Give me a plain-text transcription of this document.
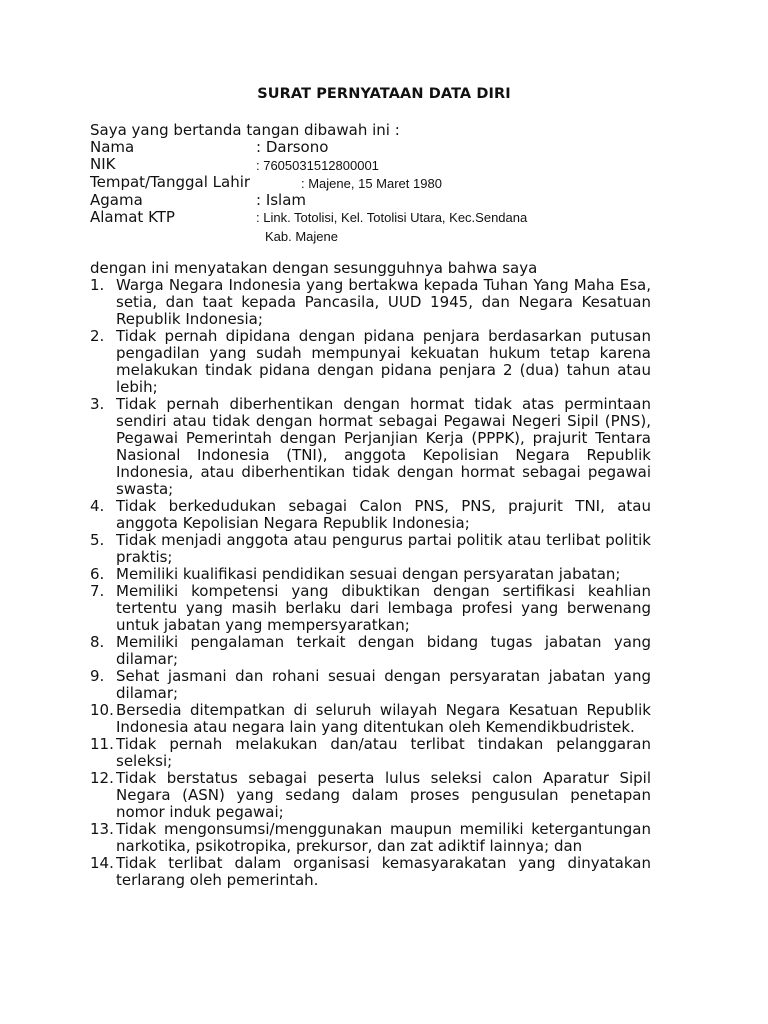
SURAT PERNYATAAN DATA DIRI
Saya yang bertanda tangan dibawah ini :
Nama	: Darsono
NIK	: 7605031512800001
Tempat/Tanggal Lahir	: Majene, 15 Maret 1980
Agama	: Islam
Alamat KTP	: Link. Totolisi, Kel. Totolisi Utara, Kec.Sendana
Kab. Majene
dengan ini menyatakan dengan sesungguhnya bahwa saya
1. Warga Negara Indonesia yang bertakwa kepada Tuhan Yang Maha Esa, setia, dan taat kepada Pancasila, UUD 1945, dan Negara Kesatuan Republik Indonesia;
2. Tidak pernah dipidana dengan pidana penjara berdasarkan putusan pengadilan yang sudah mempunyai kekuatan hukum tetap karena melakukan tindak pidana dengan pidana penjara 2 (dua) tahun atau lebih;
3. Tidak pernah diberhentikan dengan hormat tidak atas permintaan sendiri atau tidak dengan hormat sebagai Pegawai Negeri Sipil (PNS), Pegawai Pemerintah dengan Perjanjian Kerja (PPPK), prajurit Tentara Nasional Indonesia (TNI), anggota Kepolisian Negara Republik Indonesia, atau diberhentikan tidak dengan hormat sebagai pegawai swasta;
4. Tidak berkedudukan sebagai Calon PNS, PNS, prajurit TNI, atau anggota Kepolisian Negara Republik Indonesia;
5. Tidak menjadi anggota atau pengurus partai politik atau terlibat politik praktis;
6. Memiliki kualifikasi pendidikan sesuai dengan persyaratan jabatan;
7. Memiliki kompetensi yang dibuktikan dengan sertifikasi keahlian tertentu yang masih berlaku dari lembaga profesi yang berwenang untuk jabatan yang mempersyaratkan;
8. Memiliki pengalaman terkait dengan bidang tugas jabatan yang dilamar;
9. Sehat jasmani dan rohani sesuai dengan persyaratan jabatan yang dilamar;
10. Bersedia ditempatkan di seluruh wilayah Negara Kesatuan Republik Indonesia atau negara lain yang ditentukan oleh Kemendikbudristek.
11. Tidak pernah melakukan dan/atau terlibat tindakan pelanggaran seleksi;
12. Tidak berstatus sebagai peserta lulus seleksi calon Aparatur Sipil Negara (ASN) yang sedang dalam proses pengusulan penetapan nomor induk pegawai;
13. Tidak mengonsumsi/menggunakan maupun memiliki ketergantungan narkotika, psikotropika, prekursor, dan zat adiktif lainnya; dan
14. Tidak terlibat dalam organisasi kemasyarakatan yang dinyatakan terlarang oleh pemerintah.
